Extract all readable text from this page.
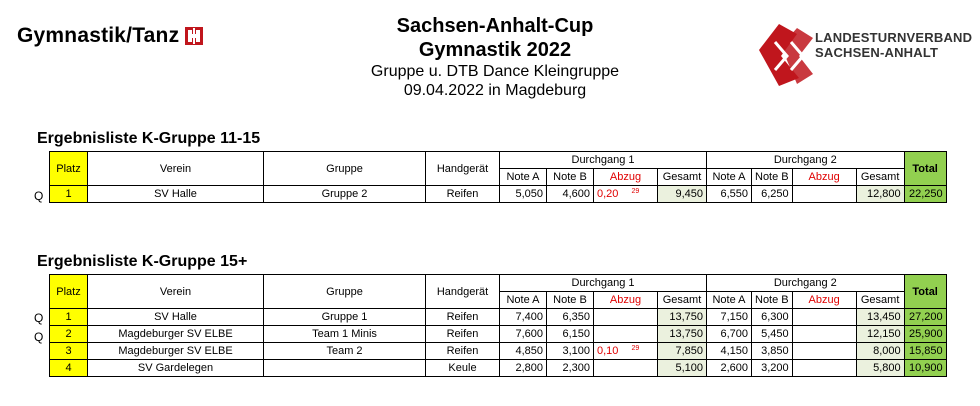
Gymnastik/Tanz	Sachsen-Anhalt-Cup
Gymnastik 2022
Gruppe u. DTB Dance Kleingruppe
09.04.2022 in Magdeburg
LANDESTURNVERBAND
SACHSEN-ANHALT
Ergebnisliste K-Gruppe 11-15
Q
Platz	Verein	Gruppe	Handgerät	Durchgang 1				Durchgang 2				Total
				Note A	Note B	Abzug	Gesamt	Note A	Note B	Abzug	Gesamt	
1	SV Halle	Gruppe 2	Reifen	5,050	4,600	0,20 $^{29}$	9,450	6,550	6,250		12,800	22,250
Ergebnisliste K-Gruppe 15+
Q
Q
Platz	Verein	Gruppe	Handgerät	Durchgang 1				Durchgang 2				Total
				Note A	Note B	Abzug	Gesamt	Note A	Note B	Abzug	Gesamt	
1	SV Halle	Gruppe 1	Reifen	7,400	6,350		13,750	7,150	6,300		13,450	27,200
2	Magdeburger SV ELBE	Team 1 Minis	Reifen	7,600	6,150		13,750	6,700	5,450		12,150	25,900
3	Magdeburger SV ELBE	Team 2	Reifen	4,850	3,100	0,10 $^{29}$	7,850	4,150	3,850		8,000	15,850
4	SV Gardelegen		Keule	2,800	2,300		5,100	2,600	3,200		5,800	10,900
